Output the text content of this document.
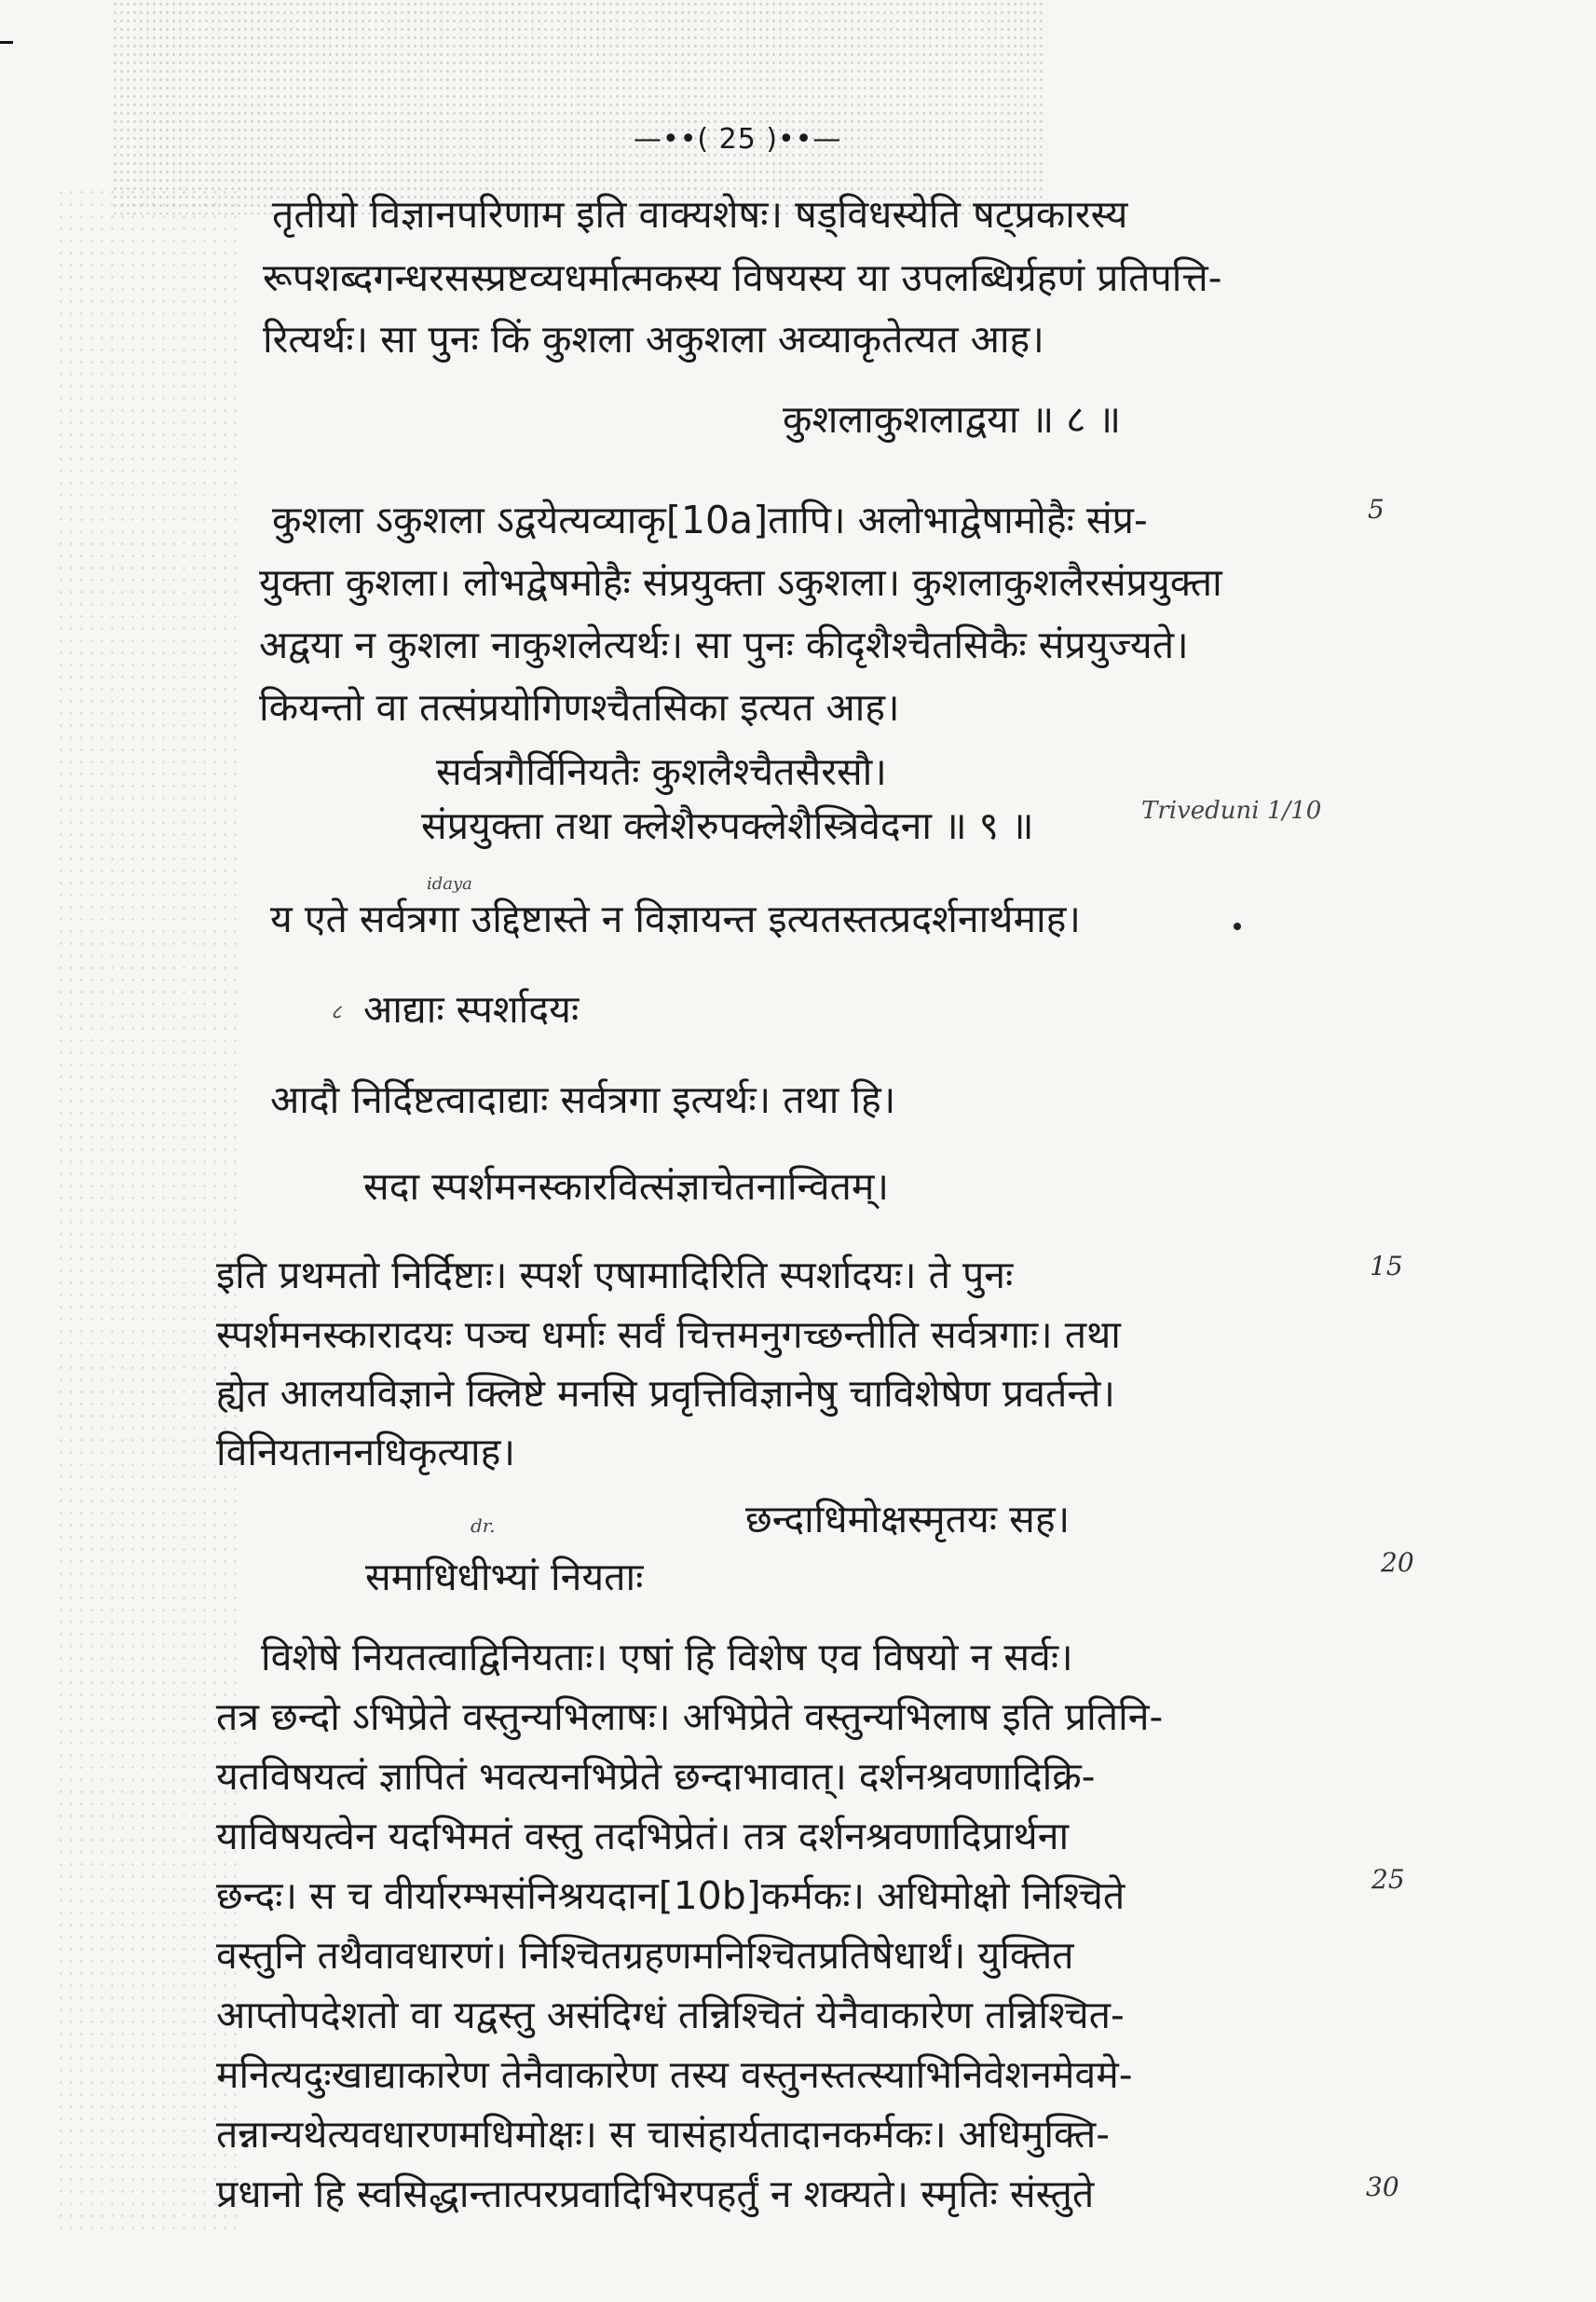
—••( 25 )••—
तृतीयो विज्ञानपरिणाम इति वाक्यशेषः। षड्विधस्येति षट्प्रकारस्य
रूपशब्दगन्धरसस्प्रष्टव्यधर्मात्मकस्य विषयस्य या उपलब्धिर्ग्रहणं प्रतिपत्ति-
रित्यर्थः। सा पुनः किं कुशला अकुशला अव्याकृतेत्यत आह।
कुशलाकुशलाद्वया ॥ ८ ॥
कुशला ऽकुशला ऽद्वयेत्यव्याकृ[10a]तापि। अलोभाद्वेषामोहैः संप्र-
युक्ता कुशला। लोभद्वेषमोहैः संप्रयुक्ता ऽकुशला। कुशलाकुशलैरसंप्रयुक्ता
अद्वया न कुशला नाकुशलेत्यर्थः। सा पुनः कीदृशैश्चैतसिकैः संप्रयुज्यते।
कियन्तो वा तत्संप्रयोगिणश्चैतसिका इत्यत आह।
सर्वत्रगैर्विनियतैः कुशलैश्चैतसैरसौ।
संप्रयुक्ता तथा क्लेशैरुपक्लेशैस्त्रिवेदना ॥ ९ ॥
य एते सर्वत्रगा उद्दिष्टास्ते न विज्ञायन्त इत्यतस्तत्प्रदर्शनार्थमाह।
आद्याः स्पर्शादयः
आदौ निर्दिष्टत्वादाद्याः सर्वत्रगा इत्यर्थः। तथा हि।
सदा स्पर्शमनस्कारवित्संज्ञाचेतनान्वितम्।
इति प्रथमतो निर्दिष्टाः। स्पर्श एषामादिरिति स्पर्शादयः। ते पुनः
स्पर्शमनस्कारादयः पञ्च धर्माः सर्वं चित्तमनुगच्छन्तीति सर्वत्रगाः। तथा
ह्येत आलयविज्ञाने क्लिष्टे मनसि प्रवृत्तिविज्ञानेषु चाविशेषेण प्रवर्तन्ते।
विनियताननधिकृत्याह।
छन्दाधिमोक्षस्मृतयः सह।
समाधिधीभ्यां नियताः
विशेषे नियतत्वाद्विनियताः। एषां हि विशेष एव विषयो न सर्वः।
तत्र छन्दो ऽभिप्रेते वस्तुन्यभिलाषः। अभिप्रेते वस्तुन्यभिलाष इति प्रतिनि-
यतविषयत्वं ज्ञापितं भवत्यनभिप्रेते छन्दाभावात्। दर्शनश्रवणादिक्रि-
याविषयत्वेन यदभिमतं वस्तु तदभिप्रेतं। तत्र दर्शनश्रवणादिप्रार्थना
छन्दः। स च वीर्यारम्भसंनिश्रयदान[10b]कर्मकः। अधिमोक्षो निश्चिते
वस्तुनि तथैवावधारणं। निश्चितग्रहणमनिश्चितप्रतिषेधार्थं। युक्तित
आप्तोपदेशतो वा यद्वस्तु असंदिग्धं तन्निश्चितं येनैवाकारेण तन्निश्चित-
मनित्यदुःखाद्याकारेण तेनैवाकारेण तस्य वस्तुनस्तत्स्याभिनिवेशनमेवमे-
तन्नान्यथेत्यवधारणमधिमोक्षः। स चासंहार्यतादानकर्मकः। अधिमुक्ति-
प्रधानो हि स्वसिद्धान्तात्परप्रवादिभिरपहर्तुं न शक्यते। स्मृतिः संस्तुते
5
15
20
25
30
Triveduni 1/10
idaya
dr.
८
